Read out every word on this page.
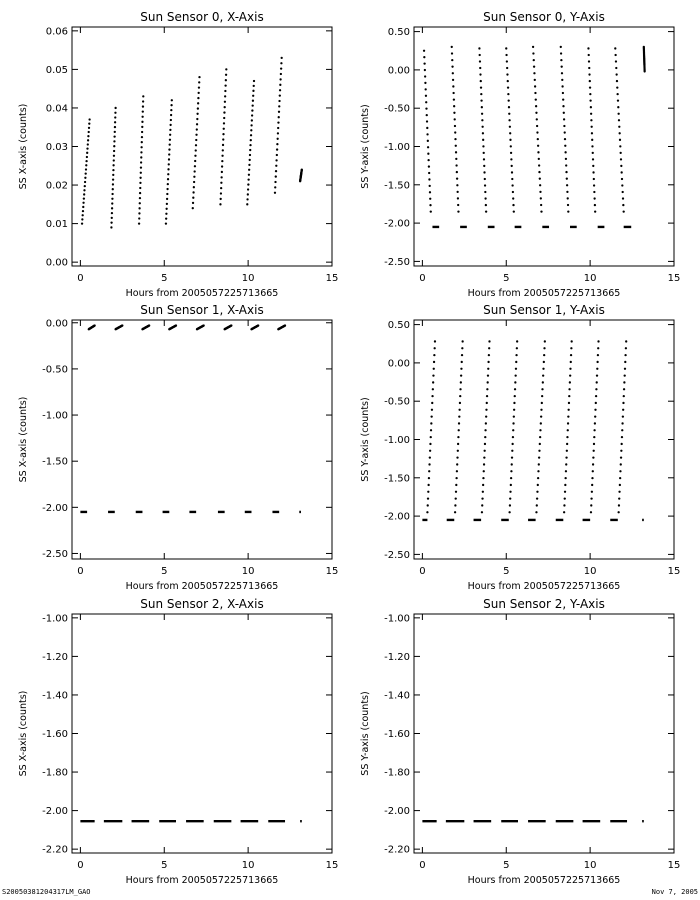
Sun Sensor 0, X-Axis
Hours from 2005057225713665
SS X-axis (counts)
0	5	10	15
0.00
0.01
0.02
0.03
0.04
0.05
0.06
Sun Sensor 0, Y-Axis
Hours from 2005057225713665
SS Y-axis (counts)
0	5	10	15
-2.50
-2.00
-1.50
-1.00
-0.50
0.00
0.50
Sun Sensor 1, X-Axis
Hours from 2005057225713665
SS X-axis (counts)
0	5	10	15
-2.50
-2.00
-1.50
-1.00
-0.50
0.00
Sun Sensor 1, Y-Axis
Hours from 2005057225713665
SS Y-axis (counts)
0	5	10	15
-2.50
-2.00
-1.50
-1.00
-0.50
0.00
0.50
Sun Sensor 2, X-Axis
Hours from 2005057225713665
SS X-axis (counts)
0	5	10	15
-2.20
-2.00
-1.80
-1.60
-1.40
-1.20
-1.00
Sun Sensor 2, Y-Axis
Hours from 2005057225713665
SS Y-axis (counts)
0	5	10	15
-2.20
-2.00
-1.80
-1.60
-1.40
-1.20
-1.00
S20050381204317LM_GAO	Nov 7, 2005
